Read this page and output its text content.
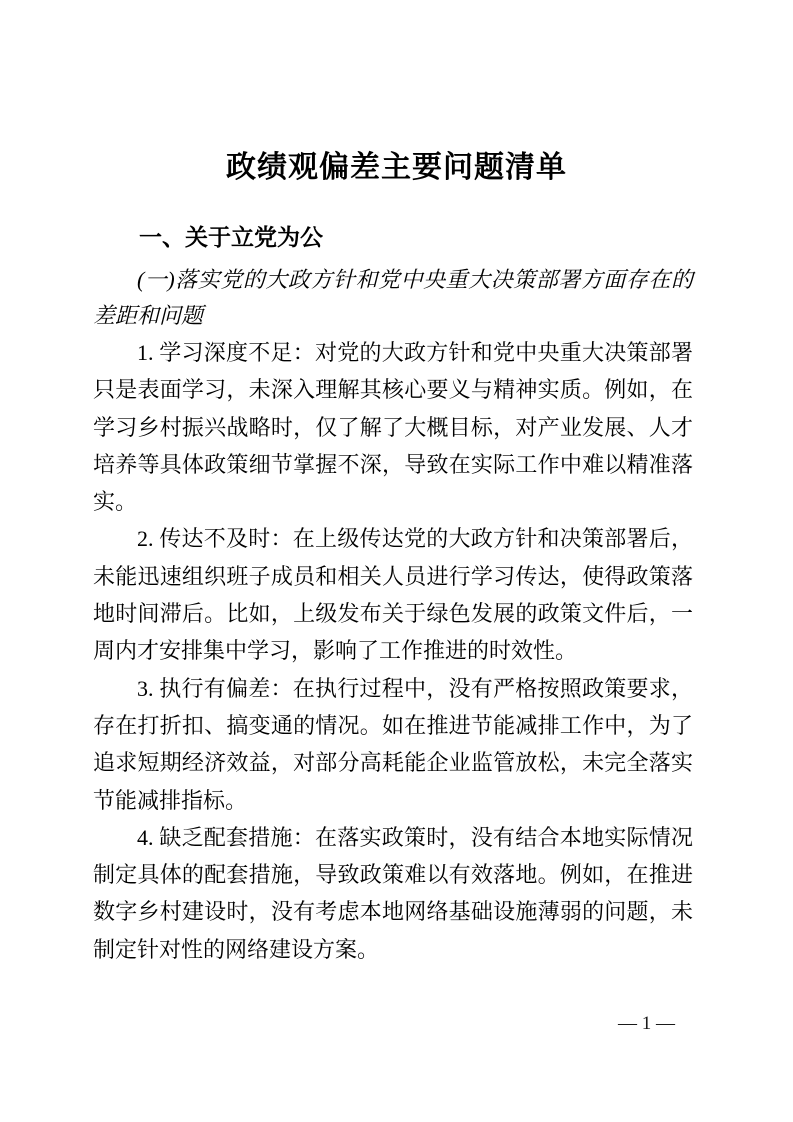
政绩观偏差主要问题清单
一、关于立党为公
(一)落实党的大政方针和党中央重大决策部署方面存在的差距和问题

1. 学习深度不足：对党的大政方针和党中央重大决策部署只是表面学习，未深入理解其核心要义与精神实质。例如，在学习乡村振兴战略时，仅了解了大概目标，对产业发展、人才培养等具体政策细节掌握不深，导致在实际工作中难以精准落实。

2. 传达不及时：在上级传达党的大政方针和决策部署后，未能迅速组织班子成员和相关人员进行学习传达，使得政策落地时间滞后。比如，上级发布关于绿色发展的政策文件后，一周内才安排集中学习，影响了工作推进的时效性。

3. 执行有偏差：在执行过程中，没有严格按照政策要求，存在打折扣、搞变通的情况。如在推进节能减排工作中，为了追求短期经济效益，对部分高耗能企业监管放松，未完全落实节能减排指标。

4. 缺乏配套措施：在落实政策时，没有结合本地实际情况制定具体的配套措施，导致政策难以有效落地。例如，在推进数字乡村建设时，没有考虑本地网络基础设施薄弱的问题，未制定针对性的网络建设方案。

— 1 —
